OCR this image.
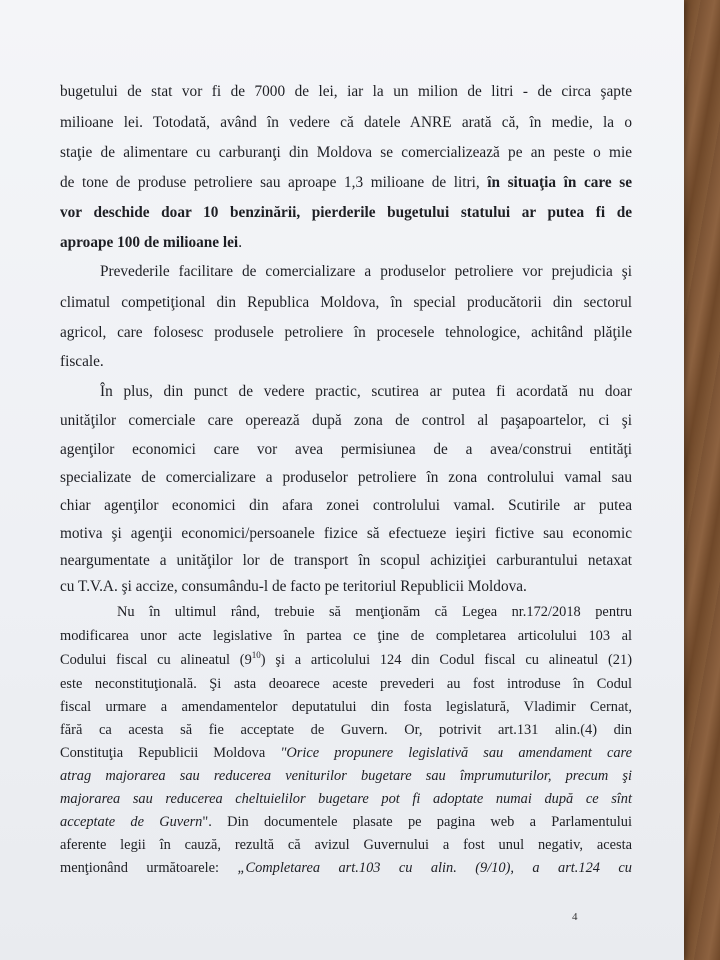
bugetului de stat vor fi de 7000 de lei, iar la un milion de litri - de circa şapte
milioane lei. Totodată, având în vedere că datele ANRE arată că, în medie, la o
staţie de alimentare cu carburanţi din Moldova se comercializează pe an peste o mie
de tone de produse petroliere sau aproape 1,3 milioane de litri, în situaţia în care se
vor deschide doar 10 benzinării, pierderile bugetului statului ar putea fi de
aproape 100 de milioane lei.
Prevederile facilitare de comercializare a produselor petroliere vor prejudicia şi
climatul competiţional din Republica Moldova, în special producătorii din sectorul
agricol, care folosesc produsele petroliere în procesele tehnologice, achitând plăţile
fiscale.
În plus, din punct de vedere practic, scutirea ar putea fi acordată nu doar
unităţilor comerciale care operează după zona de control al paşapoartelor, ci şi
agenţilor economici care vor avea permisiunea de a avea/construi entităţi
specializate de comercializare a produselor petroliere în zona controlului vamal sau
chiar agenţilor economici din afara zonei controlului vamal. Scutirile ar putea
motiva şi agenţii economici/persoanele fizice să efectueze ieşiri fictive sau economic
neargumentate a unităţilor lor de transport în scopul achiziţiei carburantului netaxat
cu T.V.A. şi accize, consumându-l de facto pe teritoriul Republicii Moldova.
Nu în ultimul rând, trebuie să menţionăm că Legea nr.172/2018 pentru
modificarea unor acte legislative în partea ce ţine de completarea articolului 103 al
Codului fiscal cu alineatul $(9^{10})$ şi a articolului 124 din Codul fiscal cu alineatul (21)
este neconstituţională. Şi asta deoarece aceste prevederi au fost introduse în Codul
fiscal urmare a amendamentelor deputatului din fosta legislatură, Vladimir Cernat,
fără ca acesta să fie acceptate de Guvern. Or, potrivit art.131 alin.(4) din
Constituţia Republicii Moldova "Orice propunere legislativă sau amendament care
atrag majorarea sau reducerea veniturilor bugetare sau împrumuturilor, precum şi
majorarea sau reducerea cheltuielilor bugetare pot fi adoptate numai după ce sînt
acceptate de Guvern". Din documentele plasate pe pagina web a Parlamentului
aferente legii în cauză, rezultă că avizul Guvernului a fost unul negativ, acesta
menţionând următoarele: „Completarea art.103 cu alin. (9/10), a art.124 cu
4
